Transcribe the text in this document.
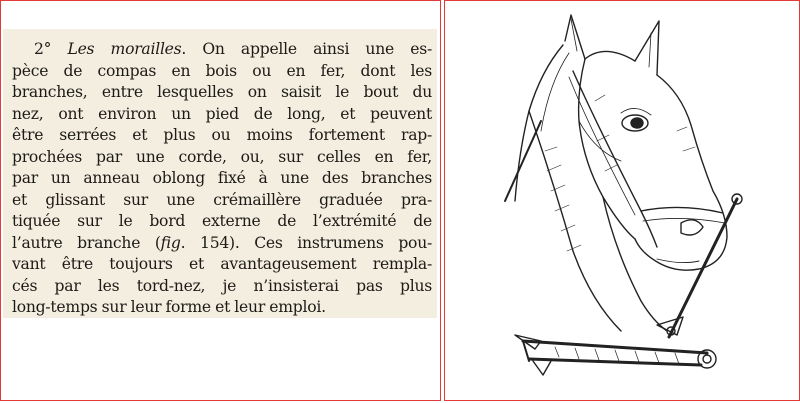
2° Les morailles. On appelle ainsi une es-
pèce de compas en bois ou en fer, dont les
branches, entre lesquelles on saisit le bout du
nez, ont environ un pied de long, et peuvent
être serrées et plus ou moins fortement rap-
prochées par une corde, ou, sur celles en fer,
par un anneau oblong fixé à une des branches
et glissant sur une crémaillère graduée pra-
tiquée sur le bord externe de l’extrémité de
l’autre branche (fig. 154). Ces instrumens pou-
vant être toujours et avantageusement rempla-
cés par les tord-nez, je n’insisterai pas plus
long-temps sur leur forme et leur emploi.
